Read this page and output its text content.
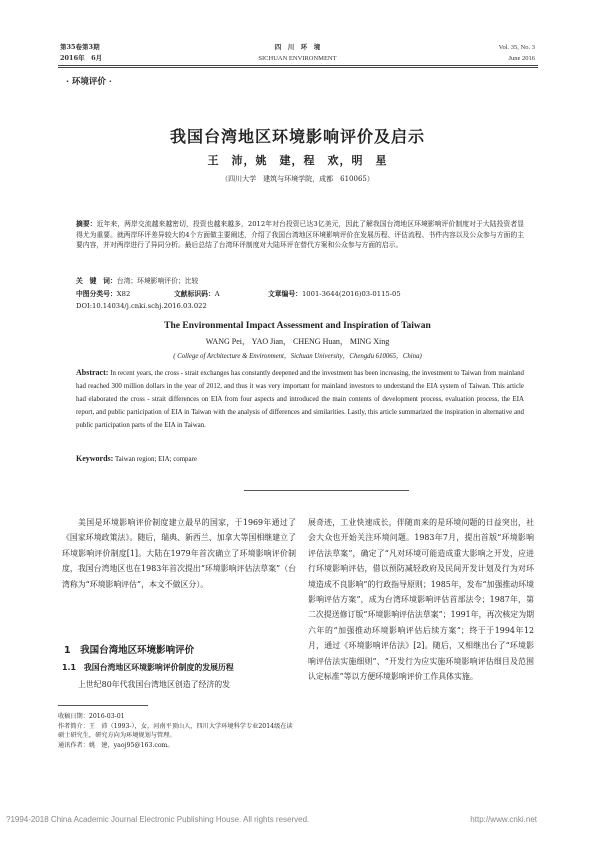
第35卷第3期
2016年　6月
四　川　环　境
SICHUAN ENVIRONMENT
Vol. 35, No. 3
June 2016
· 环境评价 ·
我国台湾地区环境影响评价及启示
王　沛，姚　建，程　欢，明　星
（四川大学　建筑与环境学院，成都　610065）
摘要：近年来，两岸交流越来越密切，投资也越来越多，2012年对台投资已达3亿美元，因此了解我国台湾地区环境影响评价制度对于大陆投资者显得尤为重要。就两岸环评差异较大的4个方面做主要阐述，介绍了我国台湾地区环境影响评价在发展历程、评估流程、书件内容以及公众参与方面的主要内容，并对两岸进行了异同分析。最后总结了台湾环评制度对大陆环评在替代方案和公众参与方面的启示。
关　键　词：台湾；环境影响评价；比较
中图分类号：X82	文献标识码：A	文章编号：1001-3644(2016)03-0115-05
DOI:10.14034/j.cnki.schj.2016.03.022
The Environmental Impact Assessment and Inspiration of Taiwan
WANG Pei， YAO Jian， CHENG Huan， MING Xing
( College of Architecture & Environment，Sichuan University，Chengdu 610065，China)
Abstract: In recent years, the cross - strait exchanges has constantly deepened and the investment has been increasing, the investment to Taiwan from mainland had reached 300 million dollars in the year of 2012, and thus it was very important for mainland investors to understand the EIA system of Taiwan. This article had elaborated the cross - strait differences on EIA from four aspects and introduced the main contents of development process, evaluation process, the EIA report, and public participation of EIA in Taiwan with the analysis of differences and similarities. Lastly, this article summarized the inspiration in alternative and public participation parts of the EIA in Taiwan.
Keywords: Taiwan region; EIA; compare

美国是环境影响评价制度建立最早的国家，于1969年通过了《国家环境政策法》。随后，瑞典、新西兰、加拿大等国相继建立了环境影响评价制度[1]。大陆在1979年首次确立了环境影响评价制度，我国台湾地区也在1983年首次提出“环境影响评估法草案”（台湾称为“环境影响评估”，本文不做区分）。

1　我国台湾地区环境影响评价
1.1　我国台湾地区环境影响评价制度的发展历程

上世纪80年代我国台湾地区创造了经济的发

展奇迹，工业快速成长，伴随而来的是环境问题的日益突出，社会大众也开始关注环境问题。1983年7月，提出首版“环境影响评估法草案”，确定了“凡对环境可能造成重大影响之开发，应进行环境影响评估，借以预防减轻政府及民间开发计划及行为对环境造成不良影响”的行政指导原则；1985年，发布“加强推动环境影响评估方案”，成为台湾环境影响评估首部法令；1987年，第二次提送修订版“环境影响评估法草案”；1991年，再次核定为期六年的“加强推动环境影响评估后续方案”；终于于1994年12月，通过《环境影响评估法》[2]。随后，又相继出台了“环境影响评估法实施细则”、“开发行为应实施环境影响评估细目及范围认定标准”等以方便环境影响评价工作具体实施。

收稿日期：2016-03-01
作者简介：王　沛（1993-），女，河南平顶山人，四川大学环境科学专业2014级在读硕士研究生，研究方向为环境规划与管理。
通讯作者：姚　建，yaoj95@163.com。
?1994-2018 China Academic Journal Electronic Publishing House. All rights reserved.	http://www.cnki.net
